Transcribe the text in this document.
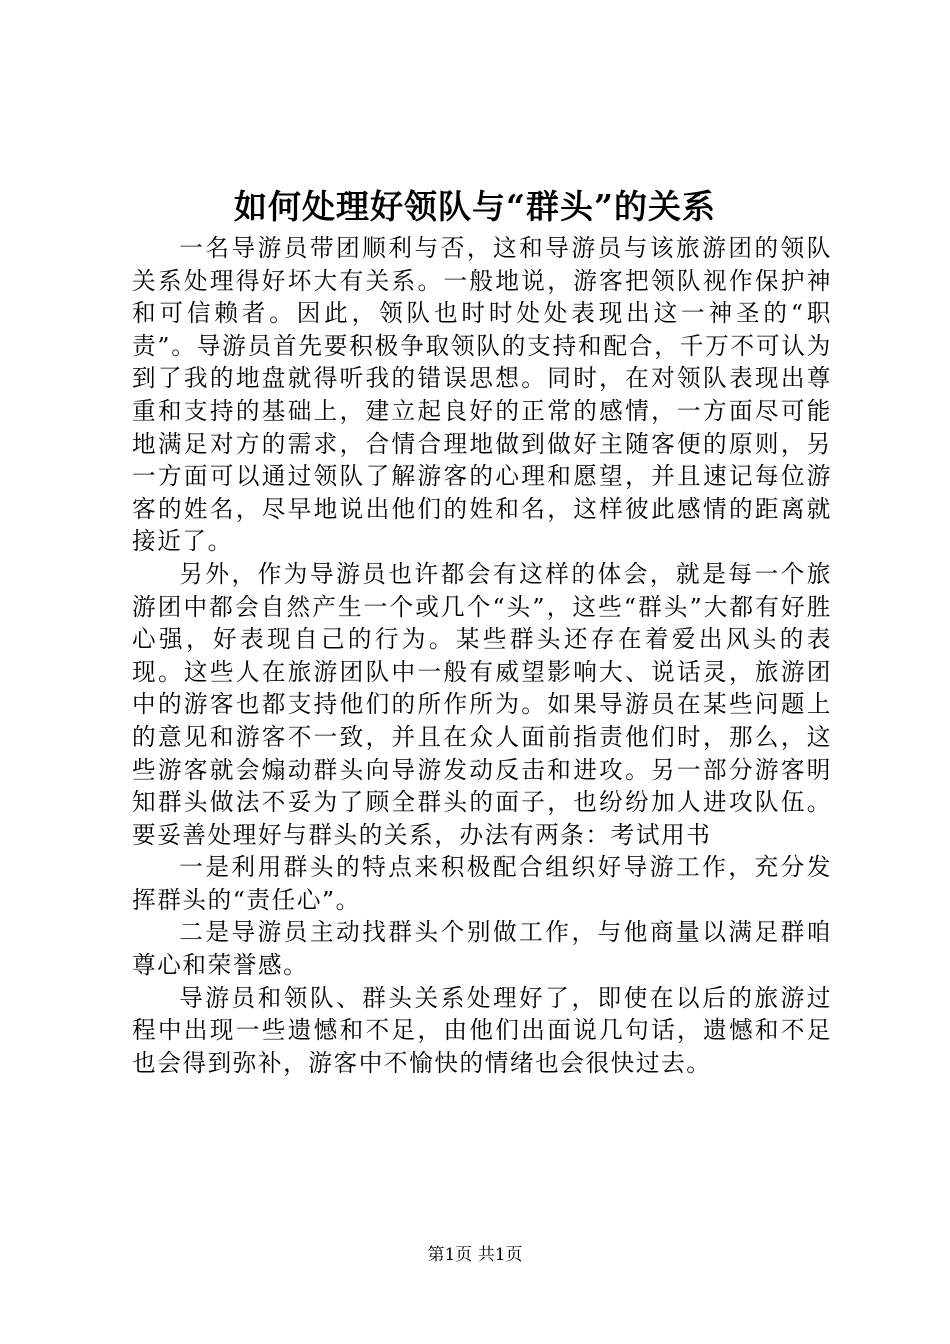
如何处理好领队与“群头”的关系

一名导游员带团顺利与否，这和导游员与该旅游团的领队关系处理得好坏大有关系。一般地说，游客把领队视作保护神和可信赖者。因此，领队也时时处处表现出这一神圣的“职责”。导游员首先要积极争取领队的支持和配合，千万不可认为到了我的地盘就得听我的错误思想。同时，在对领队表现出尊重和支持的基础上，建立起良好的正常的感情，一方面尽可能地满足对方的需求，合情合理地做到做好主随客便的原则，另一方面可以通过领队了解游客的心理和愿望，并且速记每位游客的姓名，尽早地说出他们的姓和名，这样彼此感情的距离就接近了。

另外，作为导游员也许都会有这样的体会，就是每一个旅游团中都会自然产生一个或几个“头”，这些“群头”大都有好胜心强，好表现自己的行为。某些群头还存在着爱出风头的表现。这些人在旅游团队中一般有威望影响大、说话灵，旅游团中的游客也都支持他们的所作所为。如果导游员在某些问题上的意见和游客不一致，并且在众人面前指责他们时，那么，这些游客就会煽动群头向导游发动反击和进攻。另一部分游客明知群头做法不妥为了顾全群头的面子，也纷纷加人进攻队伍。要妥善处理好与群头的关系，办法有两条：考试用书

一是利用群头的特点来积极配合组织好导游工作，充分发挥群头的“责任心”。

二是导游员主动找群头个别做工作，与他商量以满足群咱尊心和荣誉感。

导游员和领队、群头关系处理好了，即使在以后的旅游过程中出现一些遗憾和不足，由他们出面说几句话，遗憾和不足也会得到弥补，游客中不愉快的情绪也会很快过去。

第1页 共1页
